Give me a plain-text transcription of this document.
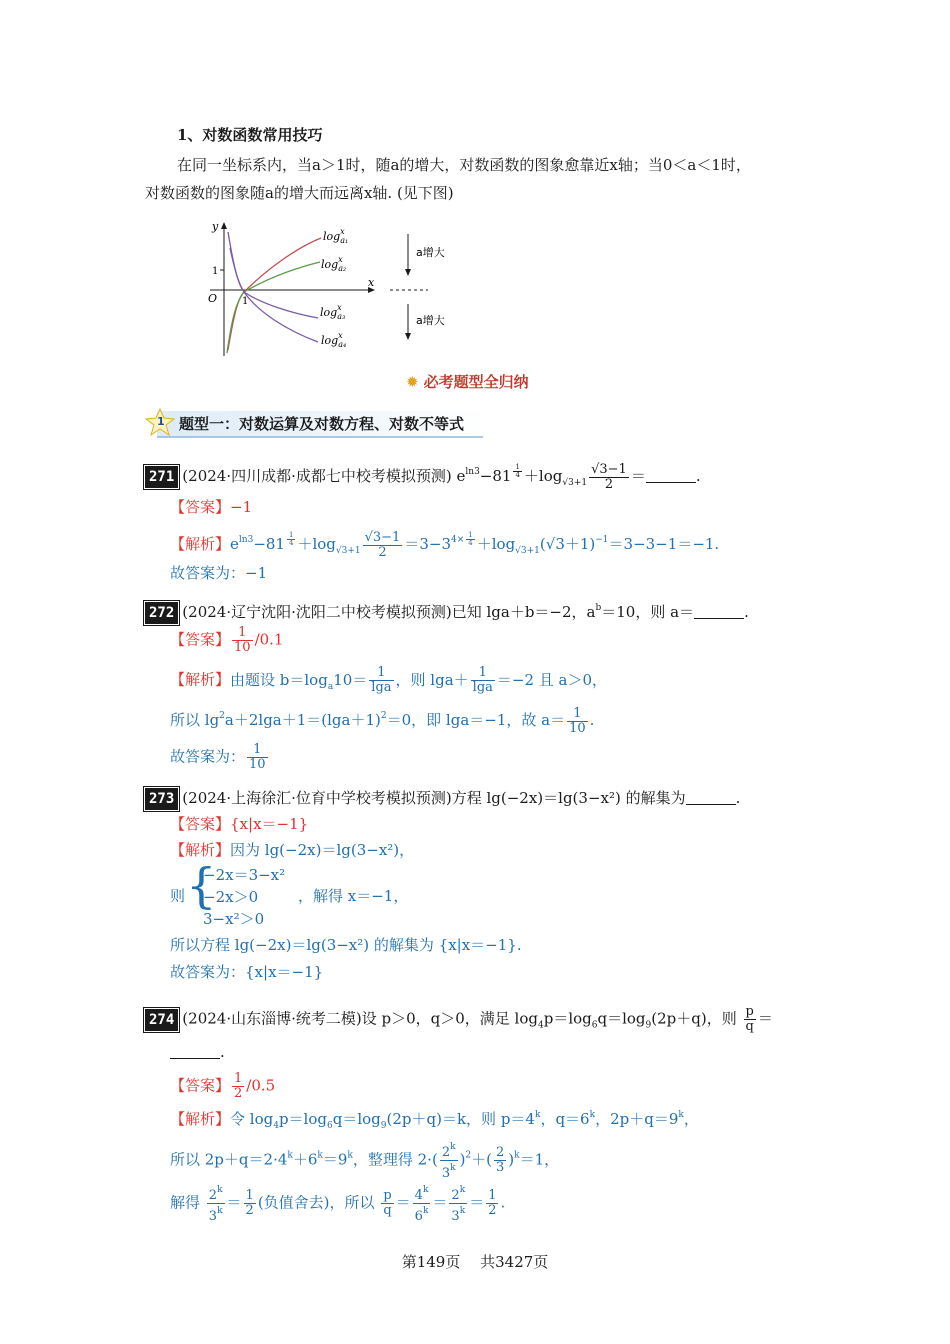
1、对数函数常用技巧
在同一坐标系内，当a＞1时，随a的增大，对数函数的图象愈靠近x轴；当0＜a＜1时，
对数函数的图象随a的增大而远离x轴. (见下图)
y
x
O
1
1
$\log_{a_1}x$
$\log_{a_2}x$
$\log_{a_3}x$
$\log_{a_4}x$
a增大
a增大
✹ 必考题型全归纳
1 题型一：对数运算及对数方程、对数不等式
271 (2024·四川成都·成都七中校考模拟预测) $e^{ln3}-81$ $^{\frac{1}{4}} +\log_{√3+1} \frac{√3-1}{2}$ ＝	.
【答案】−1
【解析】$e^{ln3}-81$ $^{\frac{1}{4}} +\log_{√3+1} \frac{√3-1}{2} =3-3^{4\times \frac{1}{4}} +\log_{√3+1}(√3+1)^{-1}=3-3-1=-1$.
故答案为：−1
272 (2024·辽宁沈阳·沈阳二中校考模拟预测)已知 lga＋b＝−2，$a^b=10$，则 a＝	.
【答案】 $\frac{1}{10} /0.1$
【解析】由题设 $b=\log_a10= \frac{1}{\lg a}$ ，则 $\lg a+ \frac{1}{\lg a} =-2$ 且 a＞0，
所以 $\lg^2a+2\lg a+1=(\lg a+1)^2=0$，即 lga＝−1，故 $a= \frac{1}{10}$ .
故答案为： $\frac{1}{10}$
273 (2024·上海徐汇·位育中学校考模拟预测)方程 lg(−2x)＝lg(3−x²) 的解集为	.
【答案】{x|x＝−1}
【解析】因为 lg(−2x)＝lg(3−x²)，
则 {
−2x＝3−x²
−2x＞0
3−x²＞0
，解得 x＝−1，
所以方程 lg(−2x)＝lg(3−x²) 的解集为 {x|x＝−1}.
故答案为：{x|x＝−1}
274 (2024·山东淄博·统考二模)设 p＞0，q＞0，满足 $\log_4p=\log_6q=\log_9(2p+q)$，则 $\frac{p}{q}$ ＝
.
【答案】 $\frac{1}{2} /0.5$
【解析】令 $\log_4p=\log_6q=\log_9(2p+q)=k$，则 $p=4^k$，$q=6^k$，$2p+q=9^k$，
所以 $2p+q=2\cdot 4^k+6^k=9^k$，整理得 $2\cdot( \frac{2^k}{3^k} )^2+( \frac{2}{3} )^k=1$，
解得 $\frac{2^k}{3^k} = \frac{1}{2}$ (负值舍去)，所以 $\frac{p}{q} = \frac{4^k}{6^k} = \frac{2^k}{3^k} = \frac{1}{2}$ .
第149页　 共3427页
